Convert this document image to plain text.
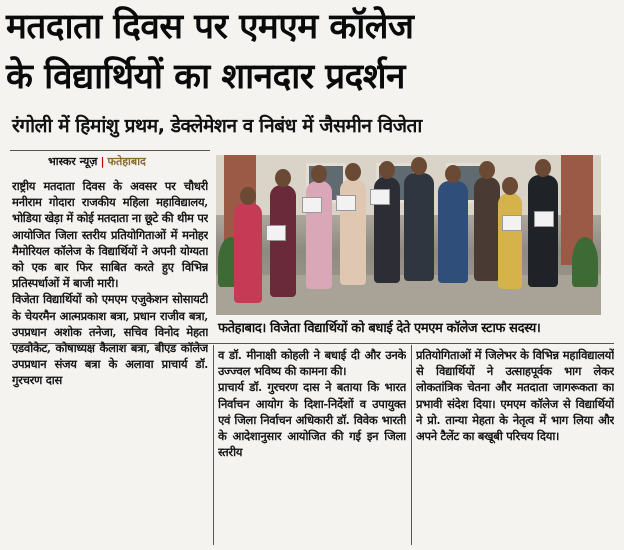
मतदाता दिवस पर एमएम कॉलेज
के विद्यार्थियों का शानदार प्रदर्शन
रंगोली में हिमांशु प्रथम, डेक्लेमेशन व निबंध में जैसमीन विजेता
भास्कर न्यूज़ | फतेहाबाद
फतेहाबाद। विजेता विद्यार्थियों को बधाई देते एमएम कॉलेज स्टाफ सदस्य।

राष्ट्रीय मतदाता दिवस के अवसर पर चौधरी मनीराम गोदारा राजकीय महिला महाविद्यालय, भोडिया खेड़ा में कोई मतदाता ना छूटे की थीम पर आयोजित जिला स्तरीय प्रतियोगिताओं में मनोहर मैमोरियल कॉलेज के विद्यार्थियों ने अपनी योग्यता को एक बार फिर साबित करते हुए विभिन्न प्रतिस्पर्धाओं में बाजी मारी।

विजेता विद्यार्थियों को एमएम एजुकेशन सोसायटी के चेयरमैन आत्मप्रकाश बत्रा, प्रधान राजीव बत्रा, उपप्रधान अशोक तनेजा, सचिव विनोद मेहता एडवोकेट, कोषाध्यक्ष कैलाश बत्रा, बीएड कॉलेज उपप्रधान संजय बत्रा के अलावा प्राचार्य डॉ. गुरचरण दास

व डॉ. मीनाक्षी कोहली ने बधाई दी और उनके उज्ज्वल भविष्य की कामना की।

प्राचार्य डॉ. गुरचरण दास ने बताया कि भारत निर्वाचन आयोग के दिशा-निर्देशों व उपायुक्त एवं जिला निर्वाचन अधिकारी डॉ. विवेक भारती के आदेशानुसार आयोजित की गई इन जिला स्तरीय

प्रतियोगिताओं में जिलेभर के विभिन्न महाविद्यालयों से विद्यार्थियों ने उत्साहपूर्वक भाग लेकर लोकतांत्रिक चेतना और मतदाता जागरूकता का प्रभावी संदेश दिया। एमएम कॉलेज से विद्यार्थियों ने प्रो. तान्या मेहता के नेतृत्व में भाग लिया और अपने टैलेंट का बखूबी परिचय दिया।
